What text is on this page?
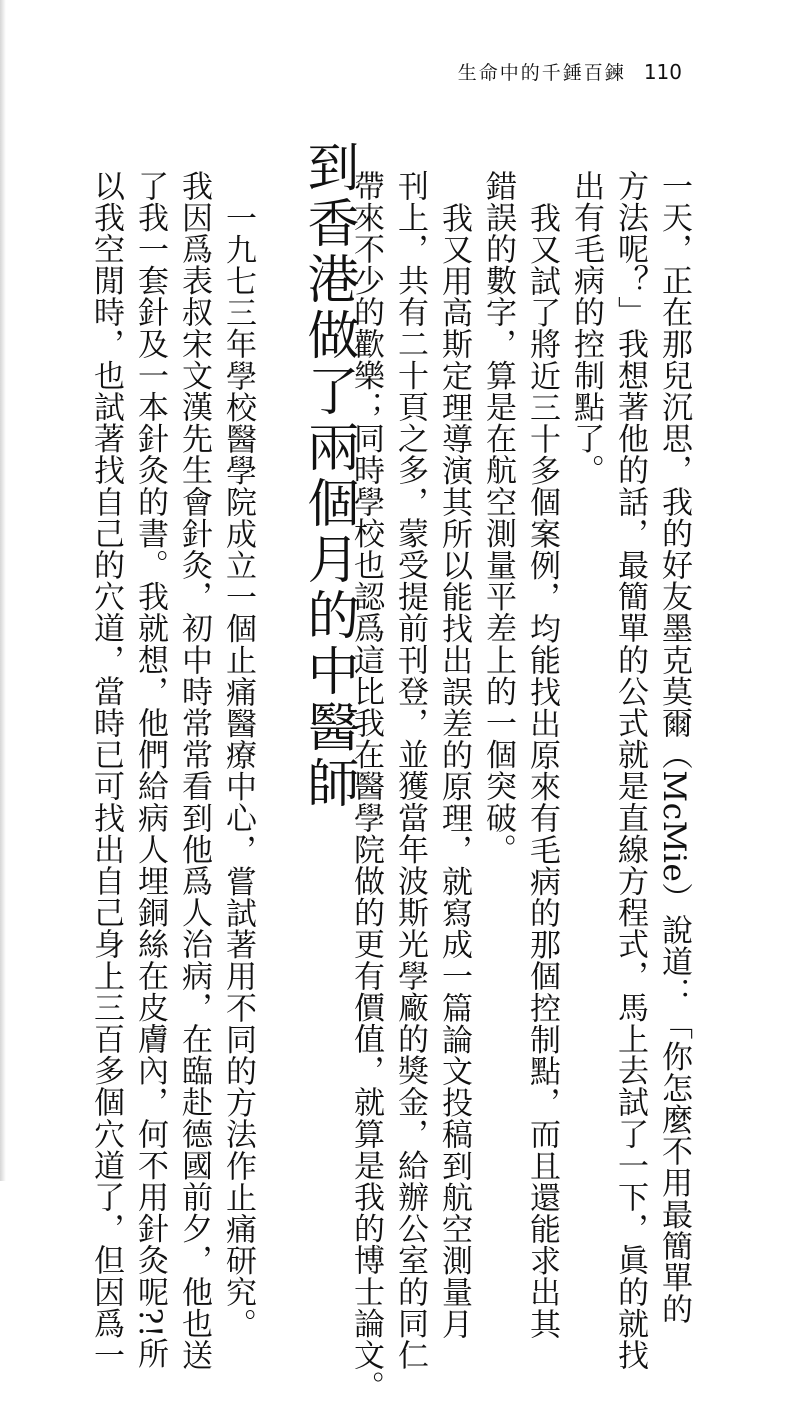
生命中的千錘百鍊 110
一天，正在那兒沉思，我的好友墨克莫爾（McMie）說道：「你怎麼不用最簡單的
方法呢？」我想著他的話，最簡單的公式就是直線方程式，馬上去試了一下，眞的就找
出有毛病的控制點了。
我又試了將近三十多個案例，均能找出原來有毛病的那個控制點，而且還能求出其
錯誤的數字，算是在航空測量平差上的一個突破。
我又用高斯定理導演其所以能找出誤差的原理，就寫成一篇論文投稿到航空測量月
刊上，共有二十頁之多，蒙受提前刊登，並獲當年波斯光學廠的獎金，給辦公室的同仁
帶來不少的歡樂；同時學校也認爲這比我在醫學院做的更有價值，就算是我的博士論文。
到香港做了兩個月的中醫師
一九七三年學校醫學院成立一個止痛醫療中心，嘗試著用不同的方法作止痛研究。
我因爲表叔宋文漢先生會針灸，初中時常常看到他爲人治病，在臨赴德國前夕，他也送
了我一套針及一本針灸的書。我就想，他們給病人埋銅絲在皮膚內，何不用針灸呢?!所
以我空閒時，也試著找自己的穴道，當時已可找出自己身上三百多個穴道了，但因爲一
